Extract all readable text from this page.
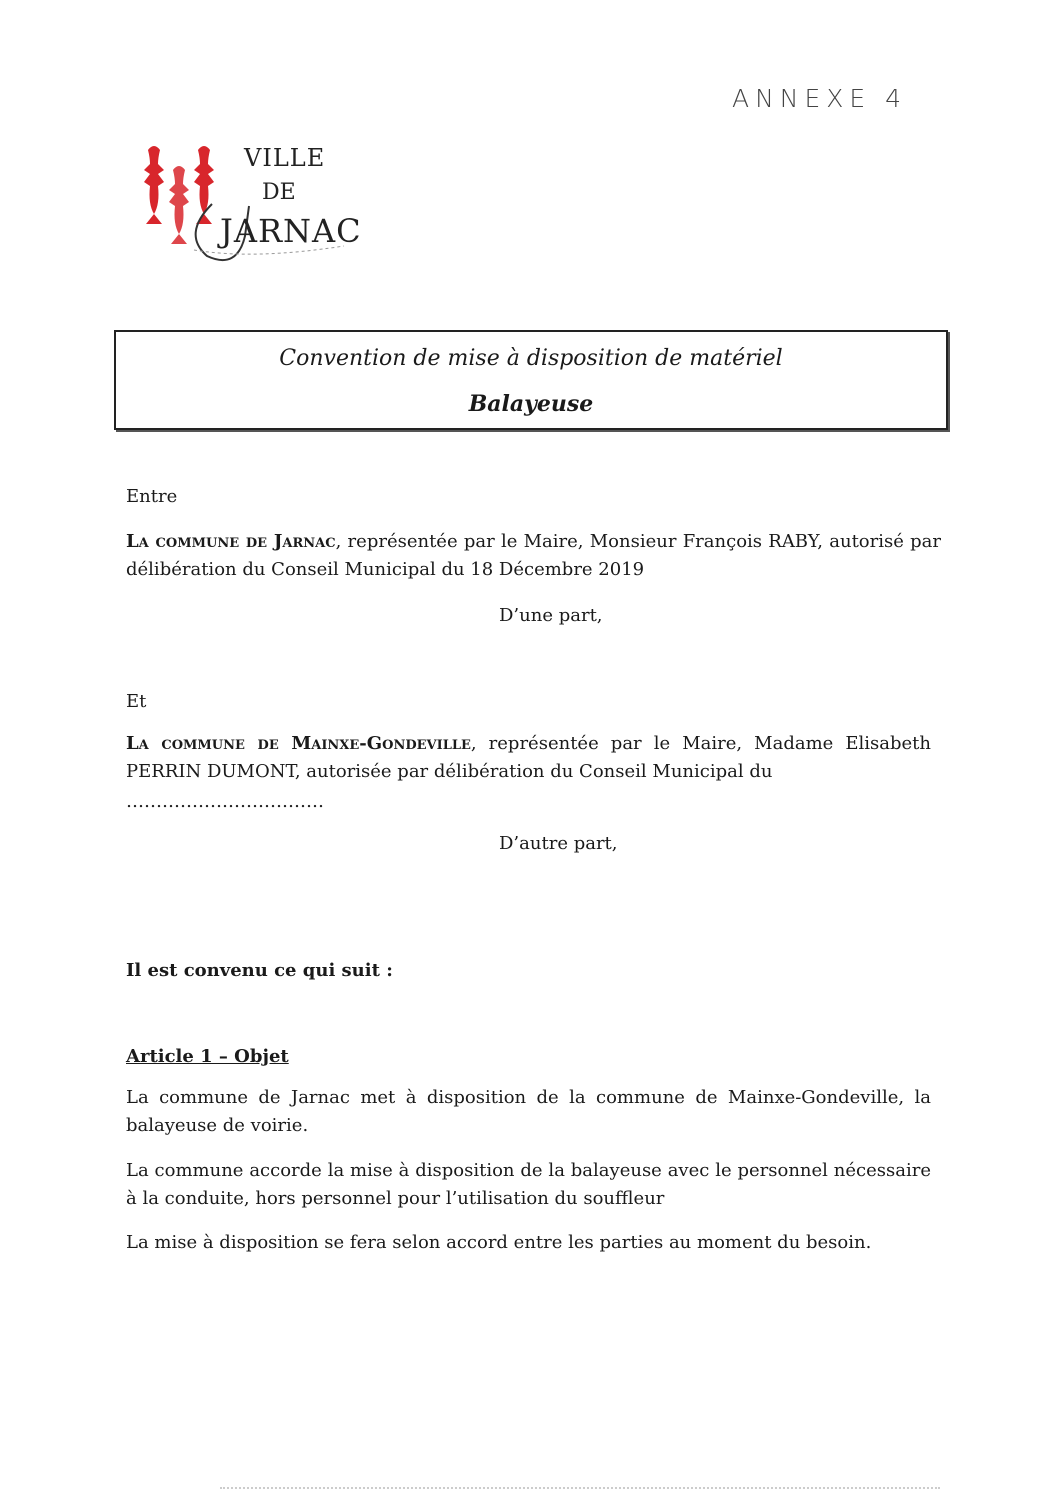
ANNEXE 4
VILLE
DE
JARNAC
Convention de mise à disposition de matériel
Balayeuse
Entre
La commune de Jarnac, représentée par le Maire, Monsieur François RABY, autorisé par délibération du Conseil Municipal du 18 Décembre 2019
D’une part,
Et
La commune de Mainxe-Gondeville, représentée par le Maire, Madame Elisabeth PERRIN DUMONT, autorisée par délibération du Conseil Municipal du
……………………………
D’autre part,
Il est convenu ce qui suit :
Article 1 – Objet
La commune de Jarnac met à disposition de la commune de Mainxe-Gondeville, la balayeuse de voirie.
La commune accorde la mise à disposition de la balayeuse avec le personnel nécessaire à la conduite, hors personnel pour l’utilisation du souffleur
La mise à disposition se fera selon accord entre les parties au moment du besoin.
